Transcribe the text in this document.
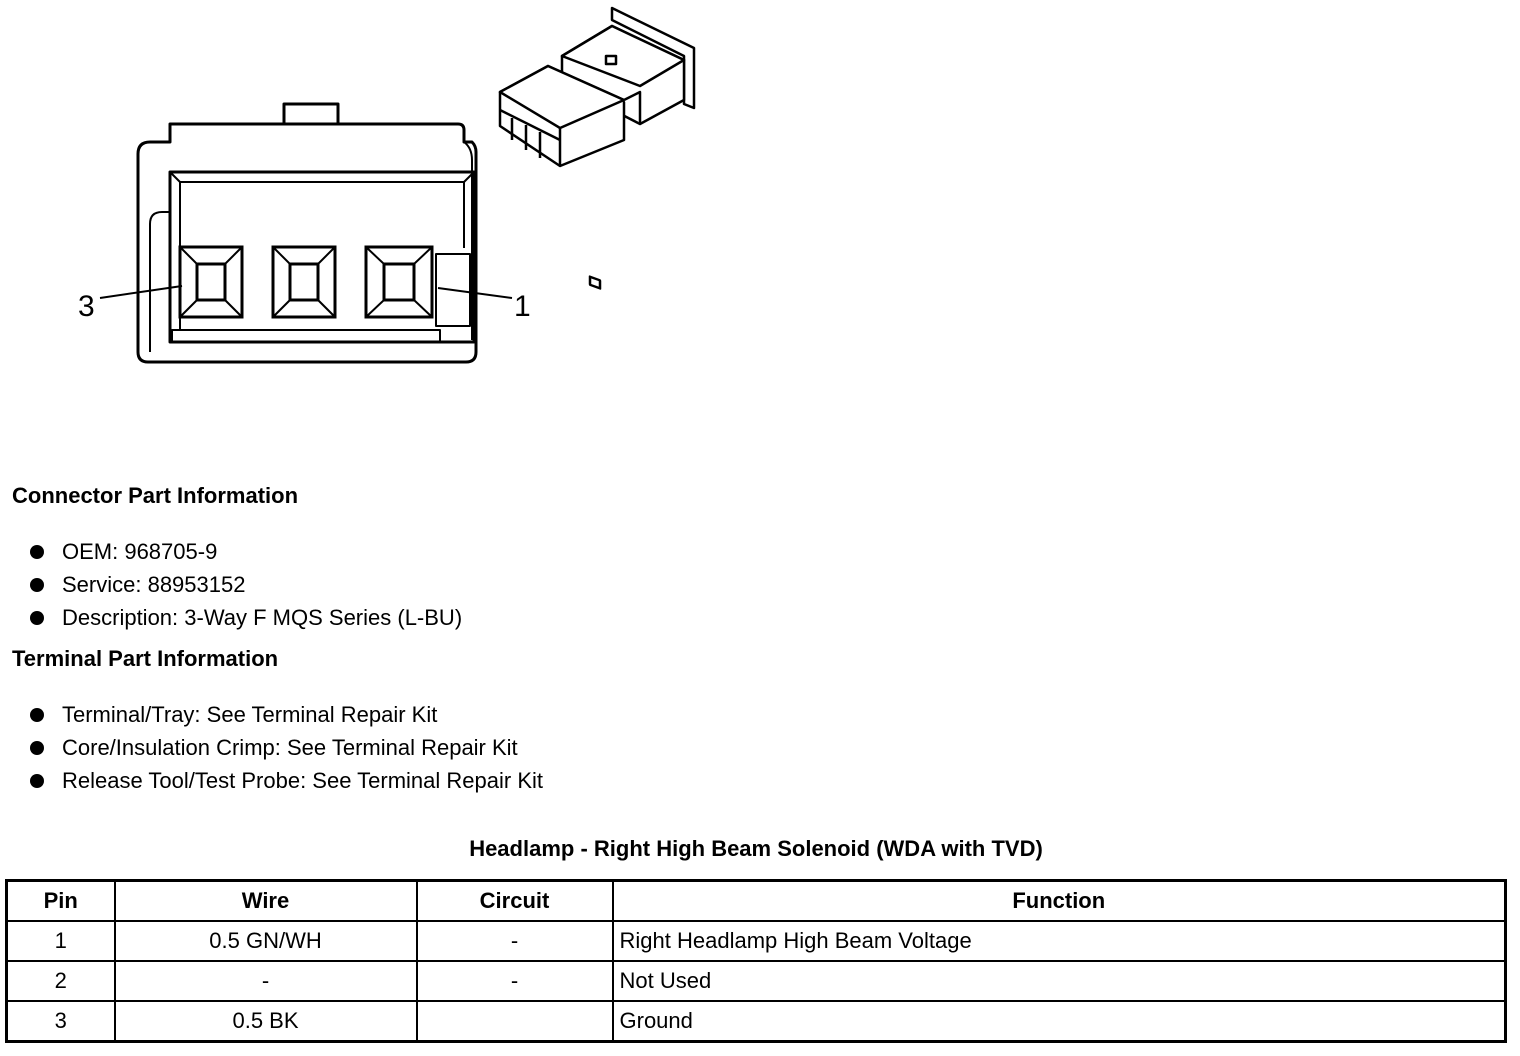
3	1
Connector Part Information
OEM: 968705-9
Service: 88953152
Description: 3-Way F MQS Series (L-BU)
Terminal Part Information
Terminal/Tray: See Terminal Repair Kit
Core/Insulation Crimp: See Terminal Repair Kit
Release Tool/Test Probe: See Terminal Repair Kit
Headlamp - Right High Beam Solenoid (WDA with TVD)
Pin	Wire	Circuit	Function
1	0.5 GN/WH	-	Right Headlamp High Beam Voltage
2	-	-	Not Used
3	0.5 BK		Ground
